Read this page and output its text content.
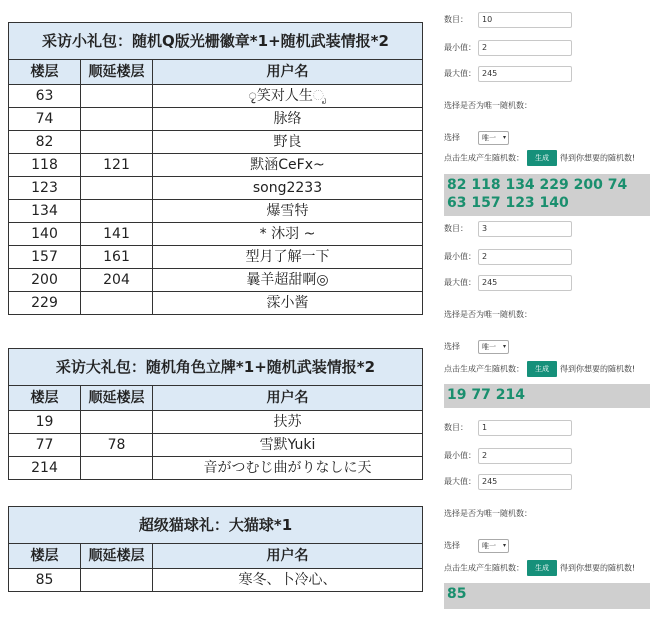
采访小礼包：随机Q版光栅徽章*1+随机武装情报*2		
楼层	顺延楼层	用户名
63		ृ笑对人生ೃ
74		脉络
82		野良
118	121	默涵CeFx~
123		song2233
134		爆雪特
140	141	* 沐羽 ~
157	161	型月了解一下
200	204	曩羊超甜啊◎
229		霂小酱
采访大礼包：随机角色立牌*1+随机武装情报*2		
楼层	顺延楼层	用户名
19		扶苏
77	78	雪默Yuki
214		音がつむじ曲がりなしに天
超级猫球礼：大猫球*1		
楼层	顺延楼层	用户名
85		寒冬、卜冷心、
数目：	10
最小值： 2
最大值： 245
选择是否为唯一随机数：
选择	唯一 ▾
点击生成产生随机数： 生成 得到你想要的随机数!
82 118 134 229 200 74 63 157 123 140
数目：	3
最小值： 2
最大值： 245
选择是否为唯一随机数：
选择	唯一 ▾
点击生成产生随机数： 生成 得到你想要的随机数!
19 77 214
数目：	1
最小值： 2
最大值： 245
选择是否为唯一随机数：
选择	唯一 ▾
点击生成产生随机数： 生成 得到你想要的随机数!
85
